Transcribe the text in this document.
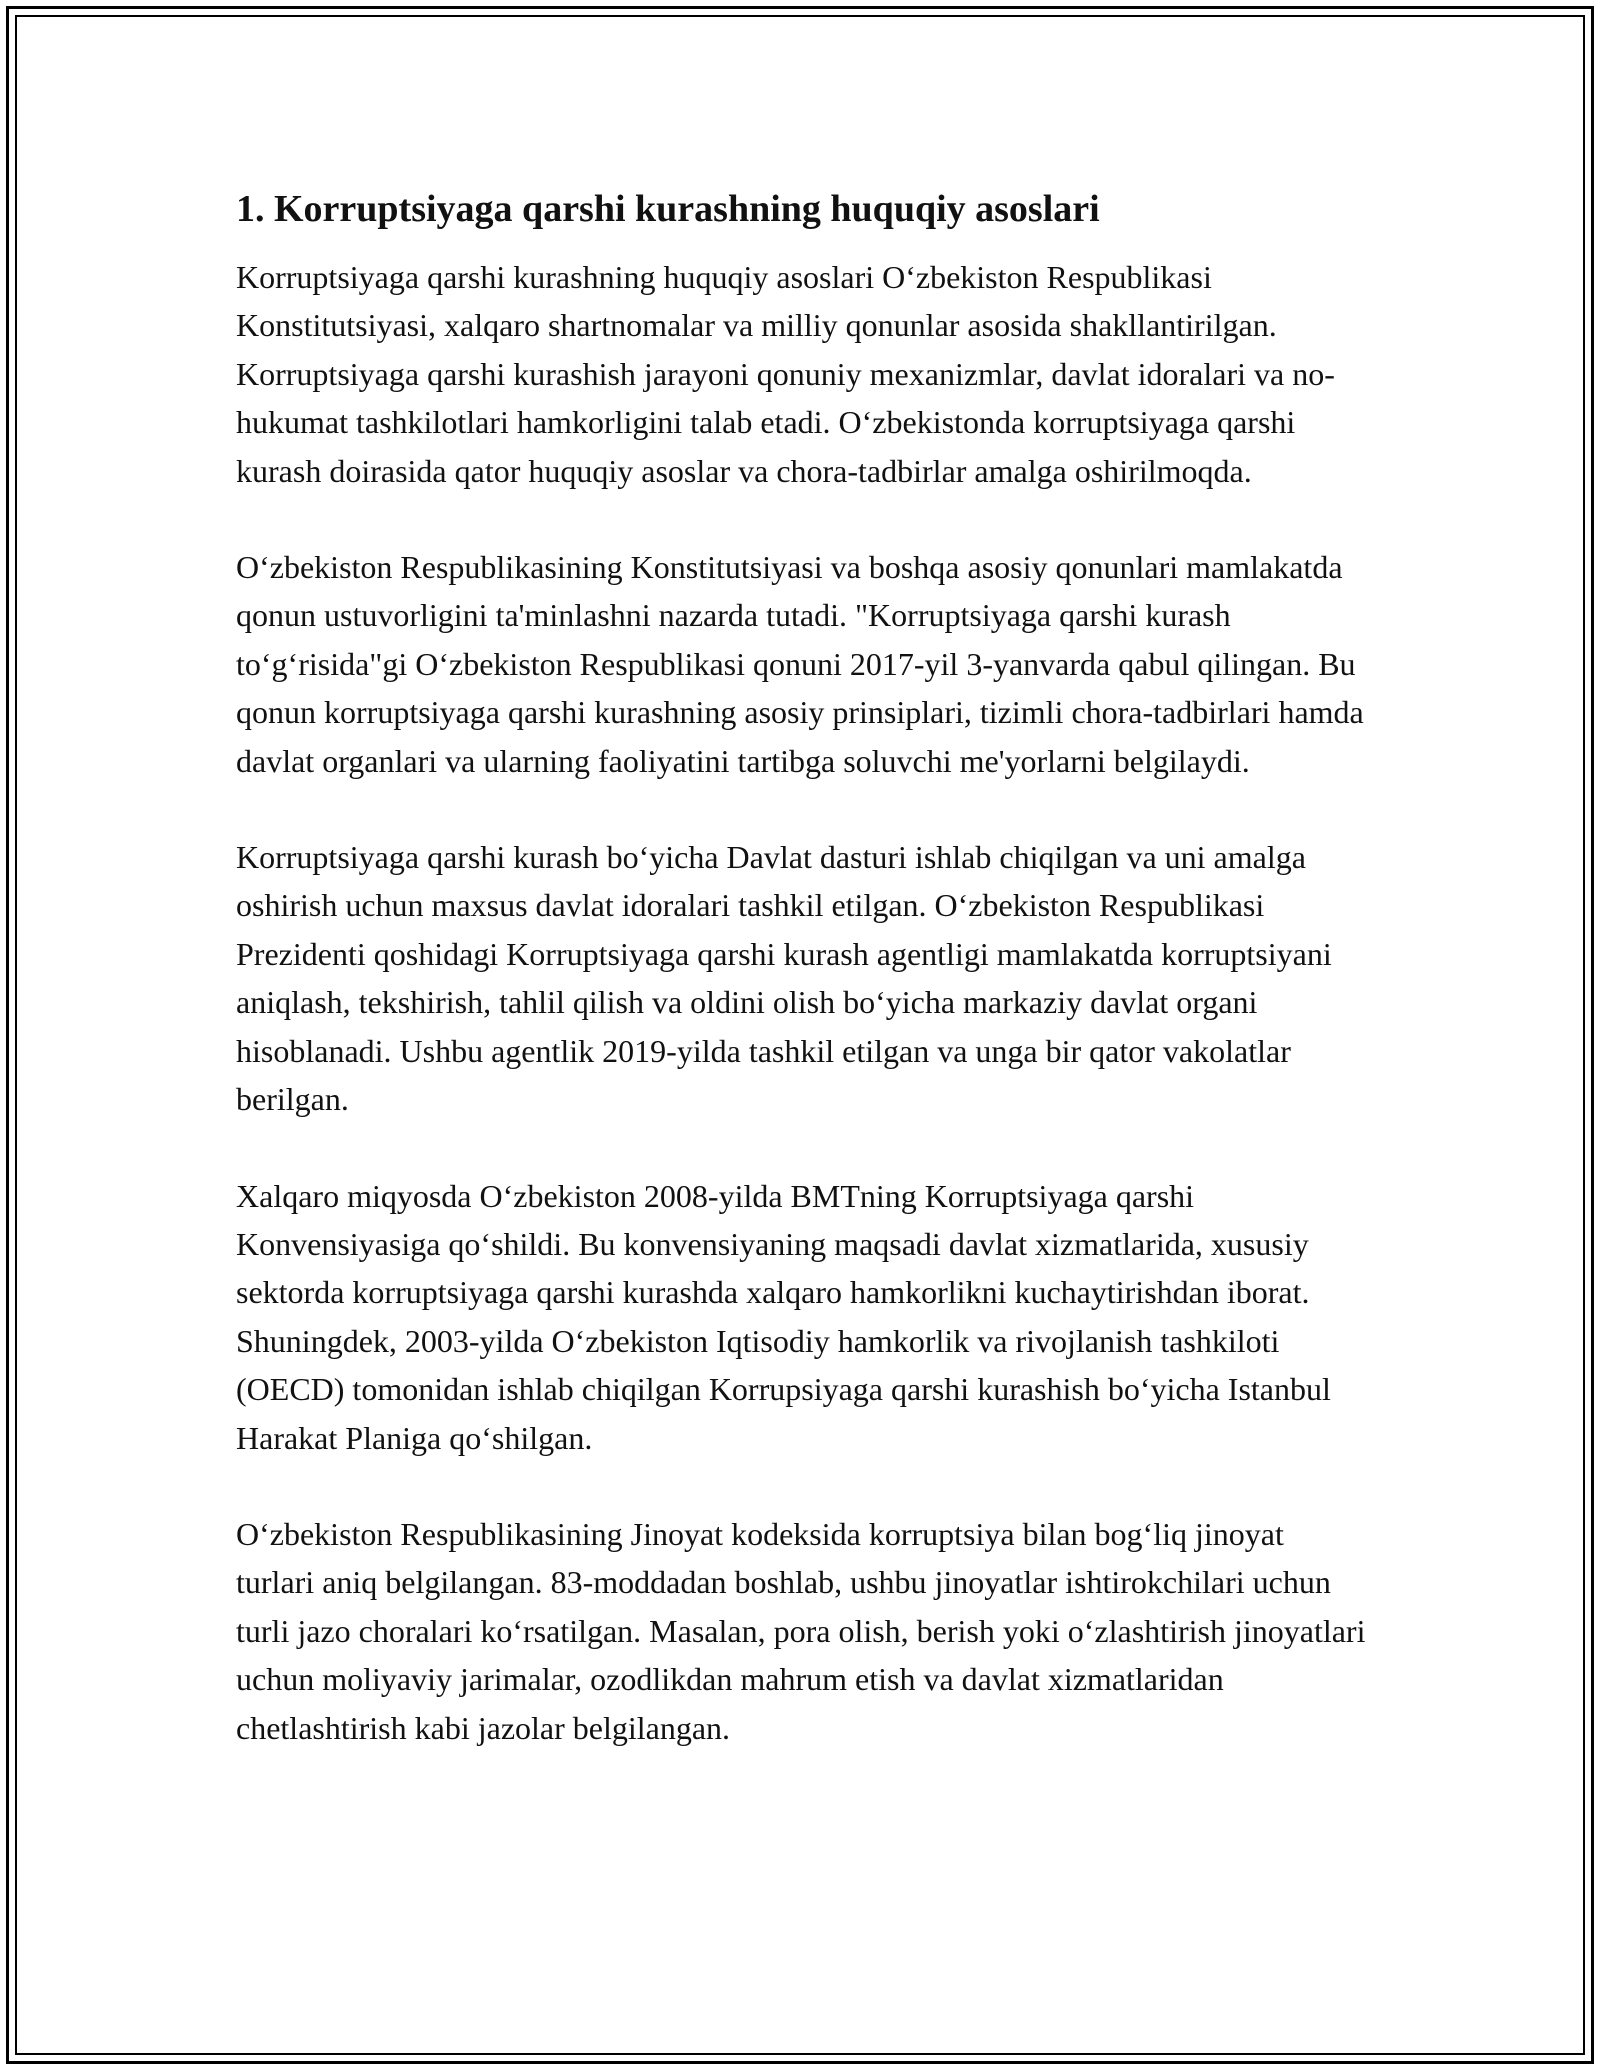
1. Korruptsiyaga qarshi kurashning huquqiy asoslari

Korruptsiyaga qarshi kurashning huquqiy asoslari O‘zbekiston Respublikasi Konstitutsiyasi, xalqaro shartnomalar va milliy qonunlar asosida shakllantirilgan. Korruptsiyaga qarshi kurashish jarayoni qonuniy mexanizmlar, davlat idoralari va no-hukumat tashkilotlari hamkorligini talab etadi. O‘zbekistonda korruptsiyaga qarshi kurash doirasida qator huquqiy asoslar va chora-tadbirlar amalga oshirilmoqda.

O‘zbekiston Respublikasining Konstitutsiyasi va boshqa asosiy qonunlari mamlakatda qonun ustuvorligini ta'minlashni nazarda tutadi. "Korruptsiyaga qarshi kurash to‘g‘risida"gi O‘zbekiston Respublikasi qonuni 2017-yil 3-yanvarda qabul qilingan. Bu qonun korruptsiyaga qarshi kurashning asosiy prinsiplari, tizimli chora-tadbirlari hamda davlat organlari va ularning faoliyatini tartibga soluvchi me'yorlarni belgilaydi.

Korruptsiyaga qarshi kurash bo‘yicha Davlat dasturi ishlab chiqilgan va uni amalga oshirish uchun maxsus davlat idoralari tashkil etilgan. O‘zbekiston Respublikasi Prezidenti qoshidagi Korruptsiyaga qarshi kurash agentligi mamlakatda korruptsiyani aniqlash, tekshirish, tahlil qilish va oldini olish bo‘yicha markaziy davlat organi hisoblanadi. Ushbu agentlik 2019-yilda tashkil etilgan va unga bir qator vakolatlar berilgan.

Xalqaro miqyosda O‘zbekiston 2008-yilda BMTning Korruptsiyaga qarshi Konvensiyasiga qo‘shildi. Bu konvensiyaning maqsadi davlat xizmatlarida, xususiy sektorda korruptsiyaga qarshi kurashda xalqaro hamkorlikni kuchaytirishdan iborat. Shuningdek, 2003-yilda O‘zbekiston Iqtisodiy hamkorlik va rivojlanish tashkiloti (OECD) tomonidan ishlab chiqilgan Korrupsiyaga qarshi kurashish bo‘yicha Istanbul Harakat Planiga qo‘shilgan.

O‘zbekiston Respublikasining Jinoyat kodeksida korruptsiya bilan bog‘liq jinoyat turlari aniq belgilangan. 83-moddadan boshlab, ushbu jinoyatlar ishtirokchilari uchun turli jazo choralari ko‘rsatilgan. Masalan, pora olish, berish yoki o‘zlashtirish jinoyatlari uchun moliyaviy jarimalar, ozodlikdan mahrum etish va davlat xizmatlaridan chetlashtirish kabi jazolar belgilangan.
